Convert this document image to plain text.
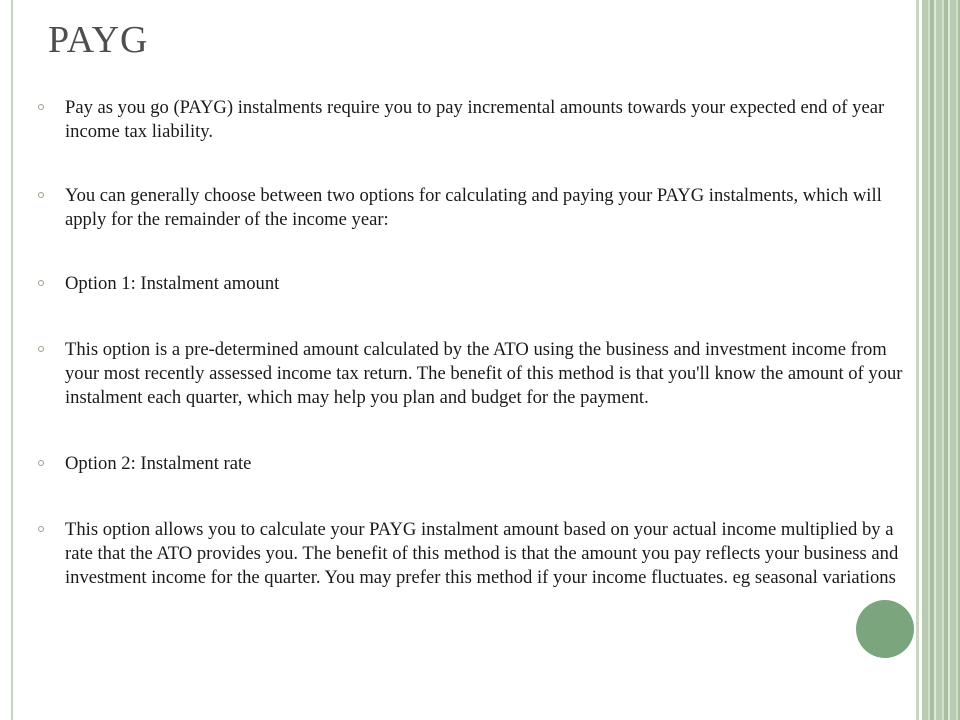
PAYG
Pay as you go (PAYG) instalments require you to pay incremental amounts towards your expected end of year income tax liability.
You can generally choose between two options for calculating and paying your PAYG instalments, which will apply for the remainder of the income year:
Option 1: Instalment amount
This option is a pre-determined amount calculated by the ATO using the business and investment income from your most recently assessed income tax return. The benefit of this method is that you'll know the amount of your instalment each quarter, which may help you plan and budget for the payment.
Option 2: Instalment rate
This option allows you to calculate your PAYG instalment amount based on your actual income multiplied by a rate that the ATO provides you. The benefit of this method is that the amount you pay reflects your business and investment income for the quarter. You may prefer this method if your income fluctuates. eg seasonal variations
